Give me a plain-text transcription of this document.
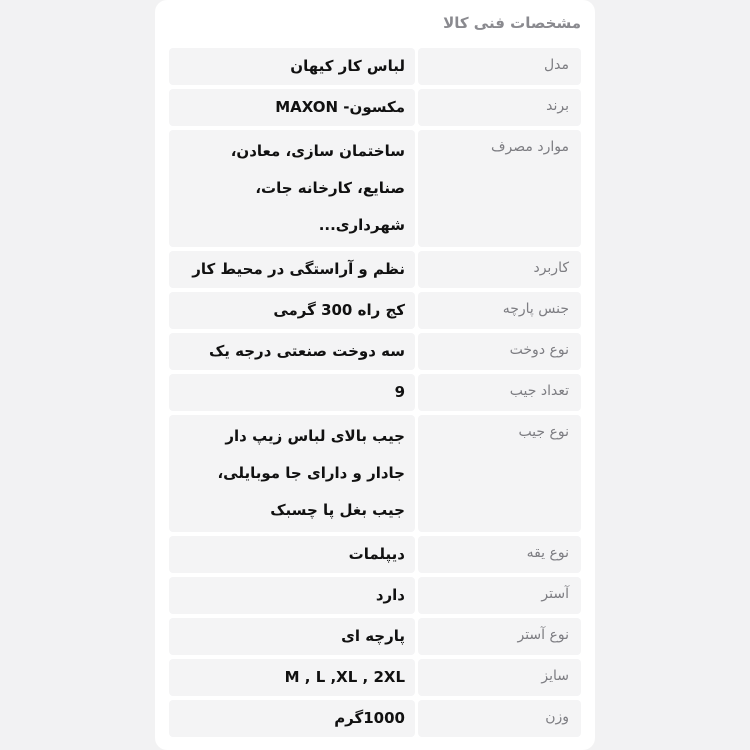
مشخصات فنی کالا
مدل
لباس کار کیهان
برند
مکسون- MAXON
موارد مصرف
ساختمان سازی، معادن،
صنایع، کارخانه جات،
شهرداری...
کاربرد
نظم و آراستگی در محیط کار
جنس پارچه
کج راه 300 گرمی
نوع دوخت
سه دوخت صنعتی درجه یک
تعداد جیب
9
نوع جیب
جیب بالای لباس زیپ دار
جادار و دارای جا موبایلی،
جیب بغل پا چسبک
نوع یقه
دیپلمات
آستر
دارد
نوع آستر
پارچه ای
سایز
M , L ,XL , 2XL
وزن
1000گرم
